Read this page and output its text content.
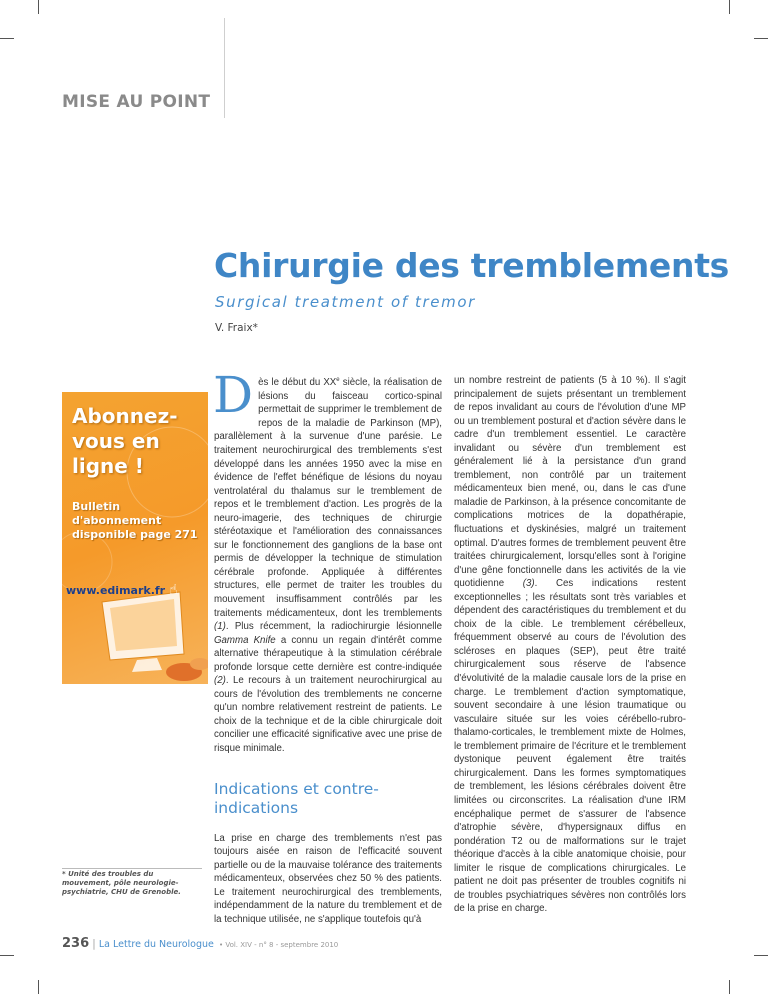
MISE AU POINT
Chirurgie des tremblements
Surgical treatment of tremor
V. Fraix*
Abonnez-vous en ligne !
Bulletin d'abonnement disponible page 271
www.edimark.fr ☝
* Unité des troubles du mouvement, pôle neurologie-psychiatrie, CHU de Grenoble.

Dès le début du XXe siècle, la réalisation de lésions du faisceau cortico-spinal permettait de supprimer le tremblement de repos de la maladie de Parkinson (MP), parallèlement à la survenue d'une parésie. Le traitement neurochirurgical des tremblements s'est développé dans les années 1950 avec la mise en évidence de l'effet bénéfique de lésions du noyau ventrolatéral du thalamus sur le tremblement de repos et le tremblement d'action. Les progrès de la neuro-imagerie, des techniques de chirurgie stéréotaxique et l'amélioration des connaissances sur le fonctionnement des ganglions de la base ont permis de développer la technique de stimulation cérébrale profonde. Appliquée à différentes structures, elle permet de traiter les troubles du mouvement insuffisamment contrôlés par les traitements médicamenteux, dont les tremblements (1). Plus récemment, la radiochirurgie lésionnelle Gamma Knife a connu un regain d'intérêt comme alternative thérapeutique à la stimulation cérébrale profonde lorsque cette dernière est contre-indiquée (2). Le recours à un traitement neurochirurgical au cours de l'évolution des tremblements ne concerne qu'un nombre relativement restreint de patients. Le choix de la technique et de la cible chirurgicale doit concilier une efficacité significative avec une prise de risque minimale.

Indications et contre-indications

La prise en charge des tremblements n'est pas toujours aisée en raison de l'efficacité souvent partielle ou de la mauvaise tolérance des traitements médicamenteux, observées chez 50 % des patients. Le traitement neurochirurgical des tremblements, indépendamment de la nature du tremblement et de la technique utilisée, ne s'applique toutefois qu'à

un nombre restreint de patients (5 à 10 %). Il s'agit principalement de sujets présentant un tremblement de repos invalidant au cours de l'évolution d'une MP ou un tremblement postural et d'action sévère dans le cadre d'un tremblement essentiel. Le caractère invalidant ou sévère d'un tremblement est généralement lié à la persistance d'un grand tremblement, non contrôlé par un traitement médicamenteux bien mené, ou, dans le cas d'une maladie de Parkinson, à la présence concomitante de complications motrices de la dopathérapie, fluctuations et dyskinésies, malgré un traitement optimal. D'autres formes de tremblement peuvent être traitées chirurgicalement, lorsqu'elles sont à l'origine d'une gêne fonctionnelle dans les activités de la vie quotidienne (3). Ces indications restent exceptionnelles ; les résultats sont très variables et dépendent des caractéristiques du tremblement et du choix de la cible. Le tremblement cérébelleux, fréquemment observé au cours de l'évolution des scléroses en plaques (SEP), peut être traité chirurgicalement sous réserve de l'absence d'évolutivité de la maladie causale lors de la prise en charge. Le tremblement d'action symptomatique, souvent secondaire à une lésion traumatique ou vasculaire située sur les voies cérébello-rubro-thalamo-corticales, le tremblement mixte de Holmes, le tremblement primaire de l'écriture et le tremblement dystonique peuvent également être traités chirurgicalement. Dans les formes symptomatiques de tremblement, les lésions cérébrales doivent être limitées ou circonscrites. La réalisation d'une IRM encéphalique permet de s'assurer de l'absence d'atrophie sévère, d'hypersignaux diffus en pondération T2 ou de malformations sur le trajet théorique d'accès à la cible anatomique choisie, pour limiter le risque de complications chirurgicales. Le patient ne doit pas présenter de troubles cognitifs ni de troubles psychiatriques sévères non contrôlés lors de la prise en charge.

236 | La Lettre du Neurologue • Vol. XIV - n° 8 - septembre 2010
